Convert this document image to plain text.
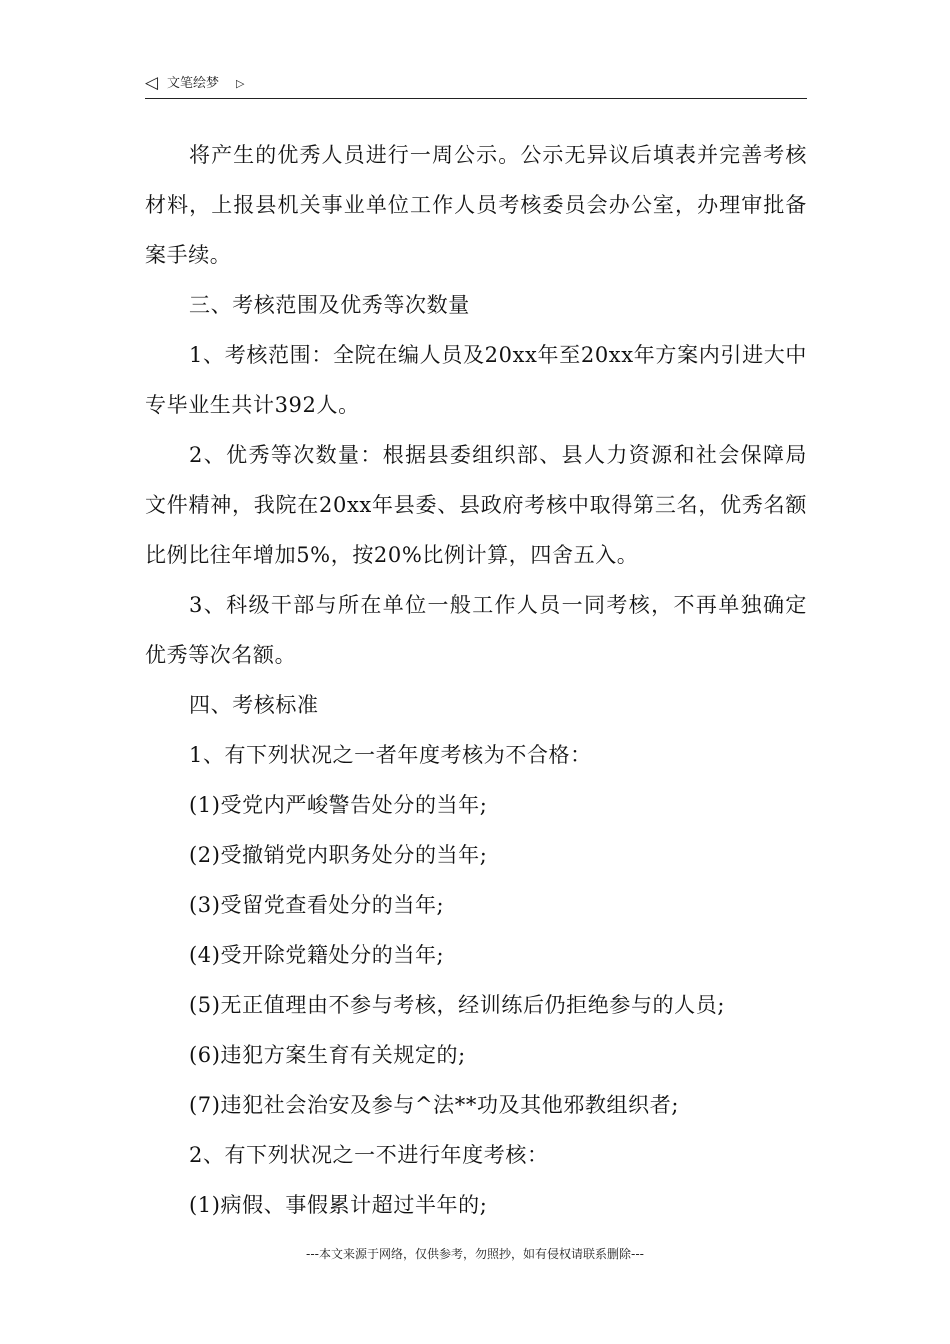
◁ 文笔绘梦 ▷

将产生的优秀人员进行一周公示。公示无异议后填表并完善考核材料，上报县机关事业单位工作人员考核委员会办公室，办理审批备案手续。

三、考核范围及优秀等次数量

1、考核范围：全院在编人员及20xx年至20xx年方案内引进大中专毕业生共计392人。

2、优秀等次数量：根据县委组织部、县人力资源和社会保障局文件精神，我院在20xx年县委、县政府考核中取得第三名，优秀名额比例比往年增加5%，按20%比例计算，四舍五入。

3、科级干部与所在单位一般工作人员一同考核，不再单独确定优秀等次名额。

四、考核标准

1、有下列状况之一者年度考核为不合格：

(1)受党内严峻警告处分的当年;

(2)受撤销党内职务处分的当年;

(3)受留党查看处分的当年;

(4)受开除党籍处分的当年;

(5)无正值理由不参与考核，经训练后仍拒绝参与的人员;

(6)违犯方案生育有关规定的;

(7)违犯社会治安及参与^法**功及其他邪教组织者;

2、有下列状况之一不进行年度考核：

(1)病假、事假累计超过半年的;

---本文来源于网络，仅供参考，勿照抄，如有侵权请联系删除---
